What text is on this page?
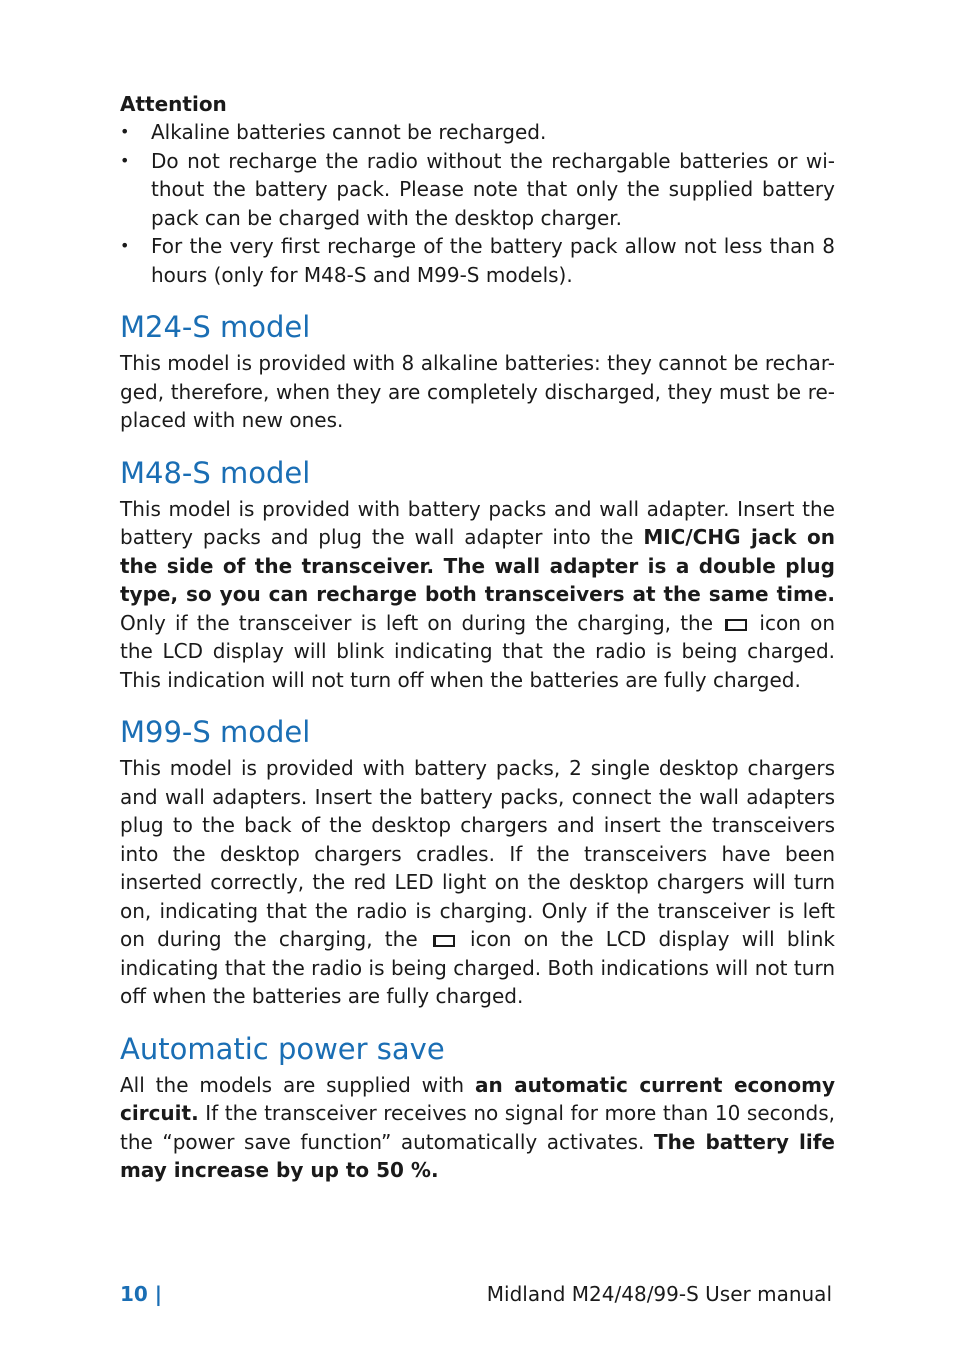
Attention

• Alkaline batteries cannot be recharged.
• Do not recharge the radio without the rechargable batteries or wi-thout the battery pack. Please note that only the supplied battery pack can be charged with the desktop charger.
• For the very first recharge of the battery pack allow not less than 8 hours (only for M48-S and M99-S models).
M24-S model

This model is provided with 8 alkaline batteries: they cannot be rechar-ged, therefore, when they are completely discharged, they must be re-placed with new ones.

M48-S model

This model is provided with battery packs and wall adapter. Insert the battery packs and plug the wall adapter into the MIC/CHG jack on the side of the transceiver. The wall adapter is a double plug type, so you can recharge both transceivers at the same time. Only if the transceiver is left on during the charging, the  icon on the LCD display will blink indicating that the radio is being charged. This indication will not turn off when the batteries are fully charged.

M99-S model

This model is provided with battery packs, 2 single desktop chargers and wall adapters. Insert the battery packs, connect the wall adapters plug to the back of the desktop chargers and insert the transceivers into the desktop chargers cradles. If the transceivers have been inserted correctly, the red LED light on the desktop chargers will turn on, indicating that the radio is charging. Only if the transceiver is left on during the charging, the  icon on the LCD display will blink indicating that the radio is being charged. Both indications will not turn off when the batteries are fully charged.

Automatic power save

All the models are supplied with an automatic current economy circuit. If the transceiver receives no signal for more than 10 seconds, the “power save function” automatically activates. The battery life may increase by up to 50 %.

10 |	Midland M24/48/99-S User manual
